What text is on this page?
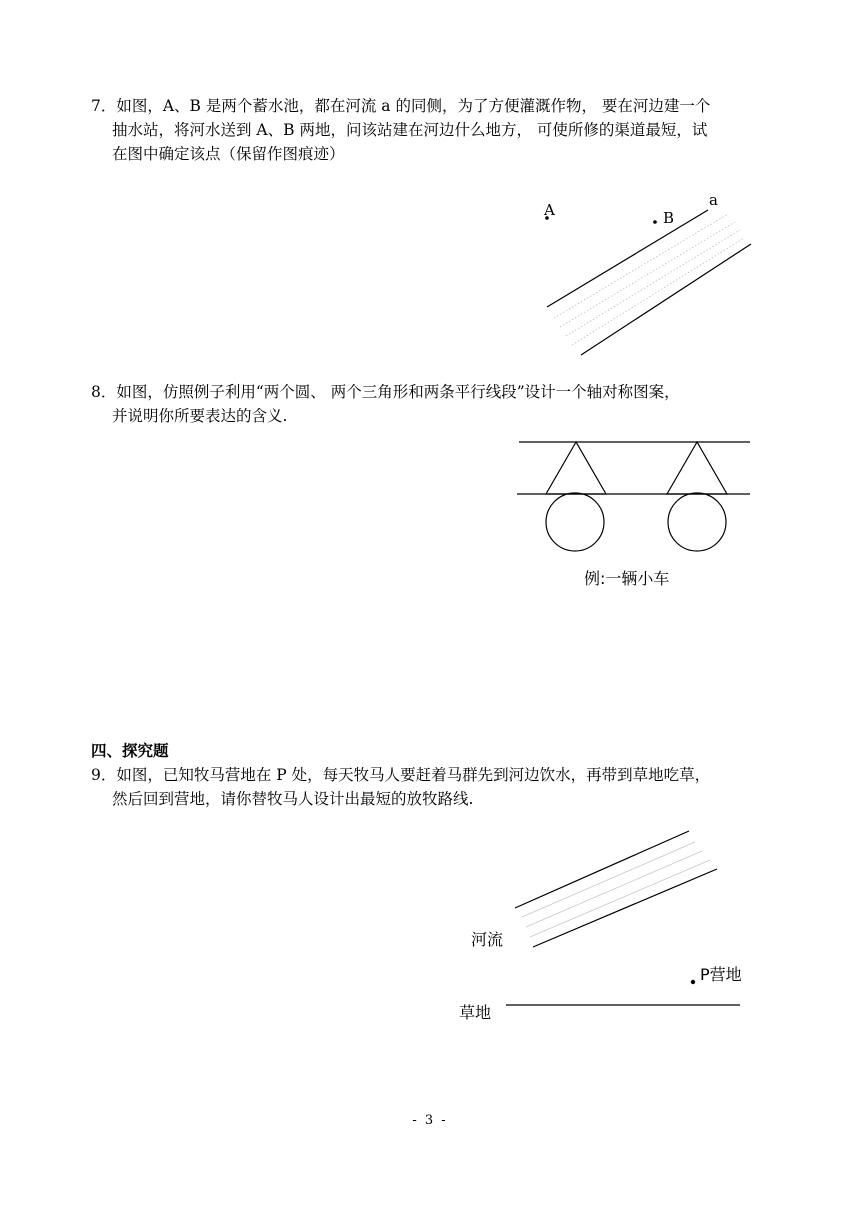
7．如图，A、B 是两个蓄水池，都在河流 a 的同侧，为了方便灌溉作物， 要在河边建一个
抽水站，将河水送到 A、B 两地，问该站建在河边什么地方， 可使所修的渠道最短，试
在图中确定该点（保留作图痕迹）
A	B
a
8．如图，仿照例子利用“两个圆、 两个三角形和两条平行线段”设计一个轴对称图案，
并说明你所要表达的含义.
例:一辆小车
四、探究题
9．如图，已知牧马营地在 P 处，每天牧马人要赶着马群先到河边饮水，再带到草地吃草，
然后回到营地，请你替牧马人设计出最短的放牧路线.
河流
P营地
草地
- 3 -
